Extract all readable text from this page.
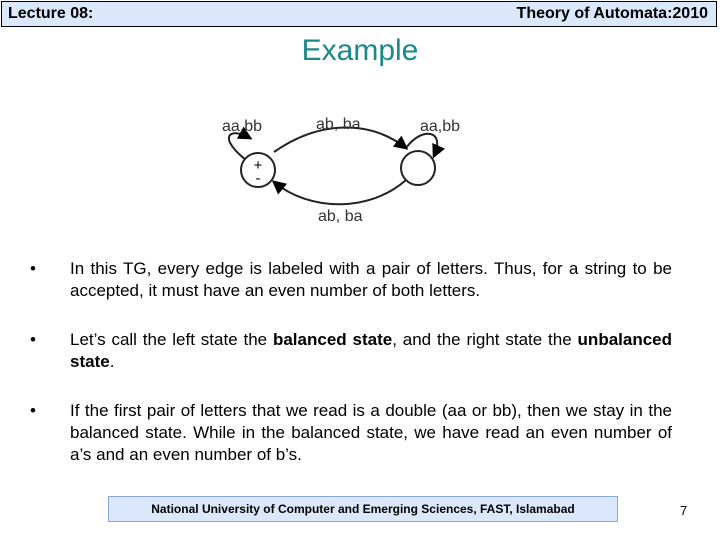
Lecture 08:	Theory of Automata:2010
Example
+
-
aa,bb	ab, ba	aa,bb
ab, ba
• In this TG, every edge is labeled with a pair of letters. Thus, for a string to be accepted, it must have an even number of both letters.
• Let’s call the left state the balanced state, and the right state the unbalanced state.
• If the first pair of letters that we read is a double (aa or bb), then we stay in the balanced state. While in the balanced state, we have read an even number of a’s and an even number of b’s.
National University of Computer and Emerging Sciences, FAST, Islamabad	7
